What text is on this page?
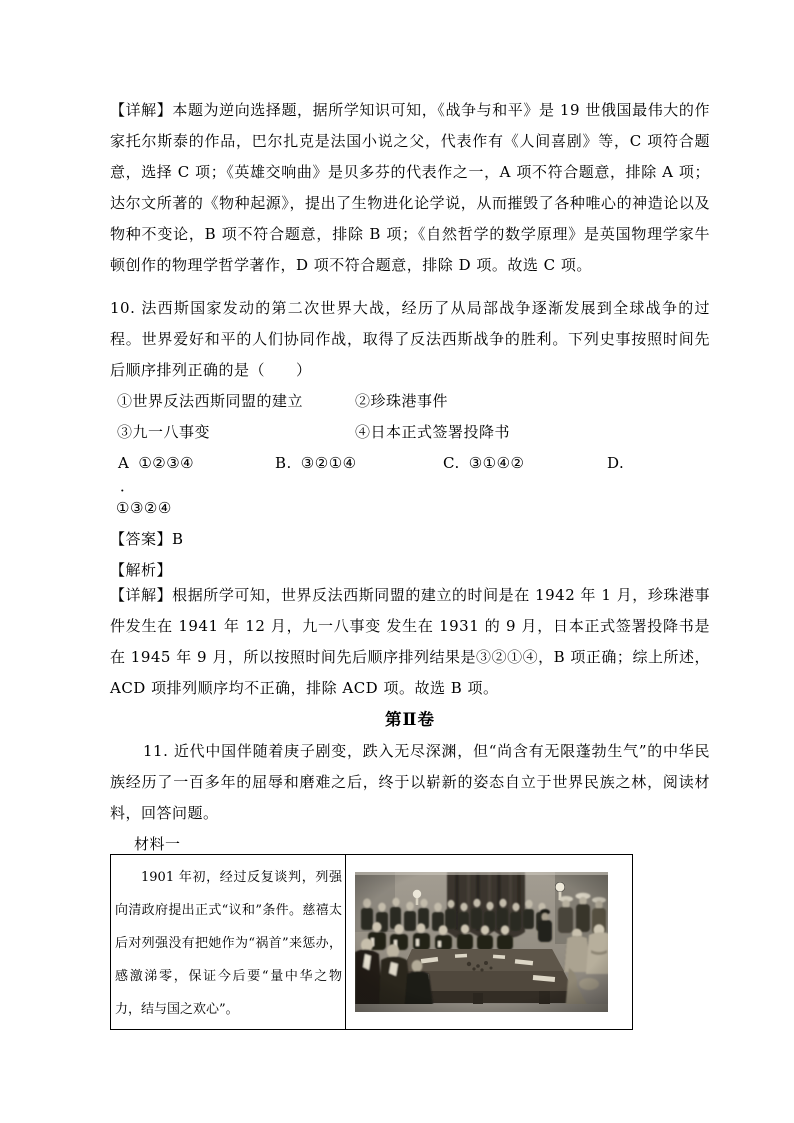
【详解】本题为逆向选择题，据所学知识可知，《战争与和平》是 19 世俄国最伟大的作家托尔斯泰的作品，巴尔扎克是法国小说之父，代表作有《人间喜剧》等，C 项符合题意，选择 C 项；《英雄交响曲》是贝多芬的代表作之一，A 项不符合题意，排除 A 项；达尔文所著的《物种起源》，提出了生物进化论学说，从而摧毁了各种唯心的神造论以及物种不变论，B 项不符合题意，排除 B 项；《自然哲学的数学原理》是英国物理学家牛顿创作的物理学哲学著作，D 项不符合题意，排除 D 项。故选 C 项。

10. 法西斯国家发动的第二次世界大战，经历了从局部战争逐渐发展到全球战争的过程。世界爱好和平的人们协同作战，取得了反法西斯战争的胜利。下列史事按照时间先后顺序排列正确的是（　　）

①世界反法西斯同盟的建立	②珍珠港事件
③九一八事变	④日本正式签署投降书
A ①②③④	B. ③②①④	C. ③①④②	D.
．
①③②④

【答案】B

【解析】

【详解】根据所学可知，世界反法西斯同盟的建立的时间是在 1942 年 1 月，珍珠港事件发生在 1941 年 12 月，九一八事变 发生在 1931 的 9 月，日本正式签署投降书是在 1945 年 9 月，所以按照时间先后顺序排列结果是③②①④，B 项正确；综上所述，ACD 项排列顺序均不正确，排除 ACD 项。故选 B 项。

第Ⅱ卷

11. 近代中国伴随着庚子剧变，跌入无尽深渊，但“尚含有无限蓬勃生气”的中华民族经历了一百多年的屈辱和磨难之后，终于以崭新的姿态自立于世界民族之林，阅读材料，回答问题。

材料一
1901 年初，经过反复谈判，列强向清政府提出正式“议和”条件。慈禧太后对列强没有把她作为“祸首”来惩办，感激涕零，保证今后要“量中华之物力，结与国之欢心”。
